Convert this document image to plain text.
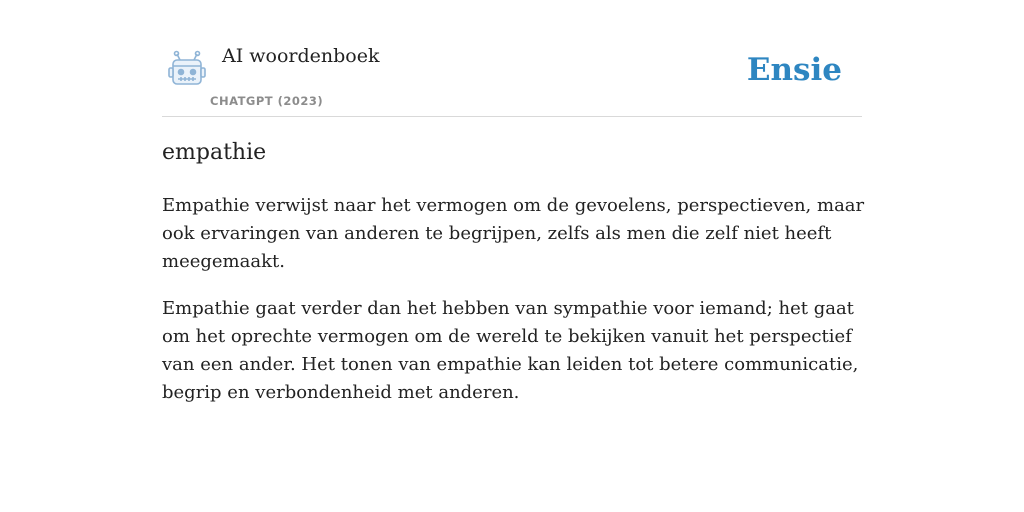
AI woordenboek
CHATGPT (2023)
Ensie
empathie

Empathie verwijst naar het vermogen om de gevoelens, perspectieven, maar ook ervaringen van anderen te begrijpen, zelfs als men die zelf niet heeft meegemaakt.

Empathie gaat verder dan het hebben van sympathie voor iemand; het gaat om het oprechte vermogen om de wereld te bekijken vanuit het perspectief van een ander. Het tonen van empathie kan leiden tot betere communicatie, begrip en verbondenheid met anderen.
